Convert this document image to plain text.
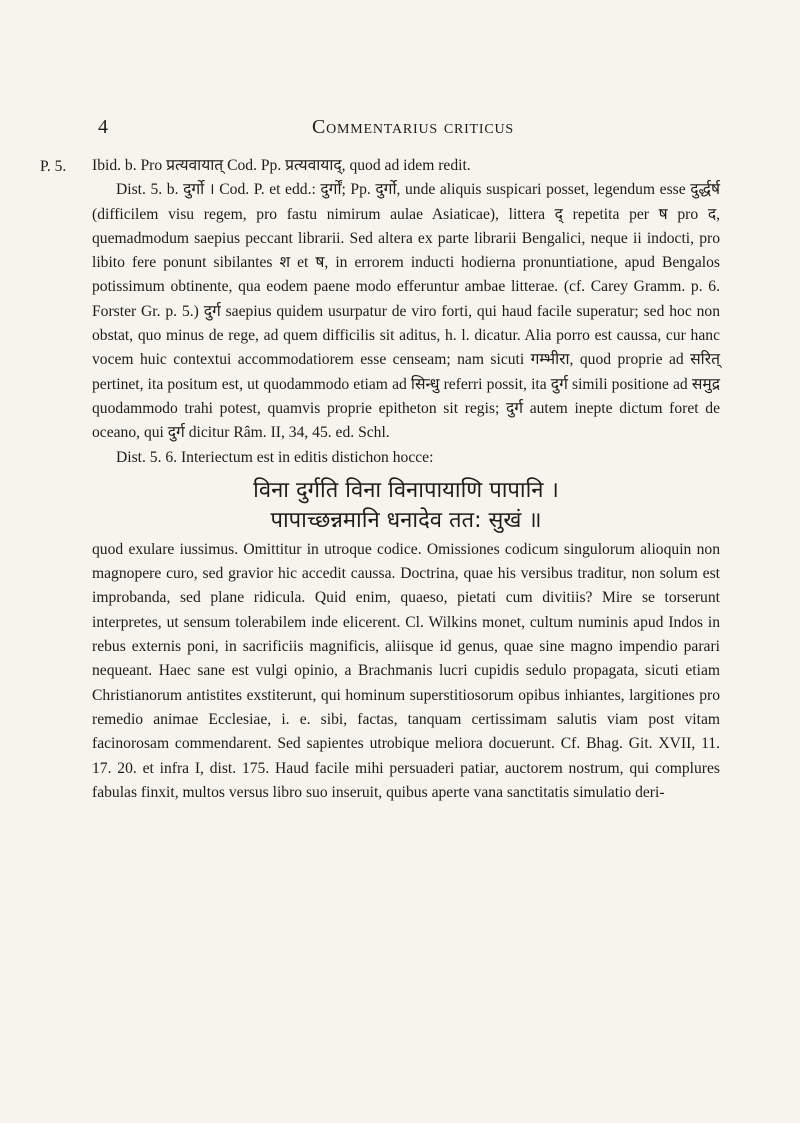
4	Commentarius criticus
P. 5. Ibid. b. Pro प्रत्यवायात् Cod. Pp. प्रत्यवायाद्, quod ad idem redit.

Dist. 5. b. दुर्गो । Cod. P. et edd.: दुर्गों; Pp. दुर्गो, unde aliquis suspicari posset, legendum esse दुर्द्धर्ष (difficilem visu regem, pro fastu nimirum aulae Asiaticae), littera द् repetita per ष pro द, quemadmodum saepius peccant librarii. Sed altera ex parte librarii Bengalici, neque ii indocti, pro libito fere ponunt sibilantes श et ष, in errorem inducti hodierna pronuntiatione, apud Bengalos potissimum obtinente, qua eodem paene modo efferuntur ambae litterae. (cf. Carey Gramm. p. 6. Forster Gr. p. 5.) दुर्ग saepius quidem usurpatur de viro forti, qui haud facile superatur; sed hoc non obstat, quo minus de rege, ad quem difficilis sit aditus, h. l. dicatur. Alia porro est caussa, cur hanc vocem huic contextui accommodatiorem esse censeam; nam sicuti गम्भीरा, quod proprie ad सरित् pertinet, ita positum est, ut quodammodo etiam ad सिन्धु referri possit, ita दुर्ग simili positione ad समुद्र quodammodo trahi potest, quamvis proprie epitheton sit regis; दुर्ग autem inepte dictum foret de oceano, qui दुर्ग dicitur Râm. II, 34, 45. ed. Schl.

Dist. 5. 6. Interiectum est in editis distichon hocce:

विना दुर्गति विना विनापायाणि पापानि ।
पापाच्छन्नमानि धनादेव तत: सुखं ॥

quod exulare iussimus. Omittitur in utroque codice. Omissiones codicum singulorum alioquin non magnopere curo, sed gravior hic accedit caussa. Doctrina, quae his versibus traditur, non solum est improbanda, sed plane ridicula. Quid enim, quaeso, pietati cum divitiis? Mire se torserunt interpretes, ut sensum tolerabilem inde elicerent. Cl. Wilkins monet, cultum numinis apud Indos in rebus externis poni, in sacrificiis magnificis, aliisque id genus, quae sine magno impendio parari nequeant. Haec sane est vulgi opinio, a Brachmanis lucri cupidis sedulo propagata, sicuti etiam Christianorum antistites exstiterunt, qui hominum superstitiosorum opibus inhiantes, largitiones pro remedio animae Ecclesiae, i. e. sibi, factas, tanquam certissimam salutis viam post vitam facinorosam commendarent. Sed sapientes utrobique meliora docuerunt. Cf. Bhag. Git. XVII, 11. 17. 20. et infra I, dist. 175. Haud facile mihi persuaderi patiar, auctorem nostrum, qui complures fabulas finxit, multos versus libro suo inseruit, quibus aperte vana sanctitatis simulatio deri-
